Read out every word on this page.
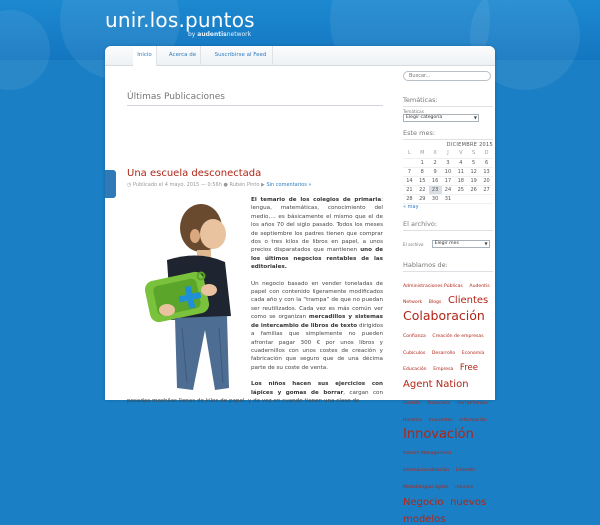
unir.los.puntos
by audentisnetwork
Inicio	Acerca de	Suscribirse al Feed
Buscar...
Últimas Publicaciones
Una escuela desconectada
◷ Publicado el 4 mayo, 2015 — 0:56h ● Rubén Pinto ▶ Sin comentarios »

El temario de los colegios de primaria: lengua, matemáticas, conocimiento del medio,… es básicamente el mismo que el de los años 70 del siglo pasado. Todos los meses de septiembre los padres tienen que comprar dos o tres kilos de libros en papel, a unos precios disparatados que mantienen uno de los últimos negocios rentables de las editoriales.

Un negocio basado en vender toneladas de papel con contenido ligeramente modificados cada año y con la “trampa” de que no puedan ser reutilizados. Cada vez es más común ver como se organizan mercadillos y sistemas de intercambio de libros de texto dirigidos a familias que simplemente no pueden afrontar pagar 300 € por unos libros y cuadernillos con unos costes de creación y fabricación que seguro que de una décima parte de su coste de venta.

Los niños hacen sus ejercicios con lápices y gomas de borrar, cargan con pesadas mochilas llenas de kilos de papel, y de vez en cuando tienen una clase de

Temáticas:
Temáticas
Elegir categoría	▼
Este mes:
DICIEMBRE 2015
L	M	X	J	V	S	D
	1	2	3	4	5	6
7	8	9	10	11	12	13
14	15	16	17	18	19	20
21	22	23	24	25	26	27
28	29	30	31			
« may
El archivo:
El archivo Elegir mes	▼
Hablamos de:
Administraciones Públicas Audentis Network Blogs Clientes Colaboración Confianza Creación de empresas Cubículos Desarrollo Economía Educación Empresa Free Agent Nation Gestión financiera Herramientas Horarios Impuestos Información Innovación Interim Management Internacionalización LinkedIn Metodologías ágiles móviles Negocio nuevos modelos
